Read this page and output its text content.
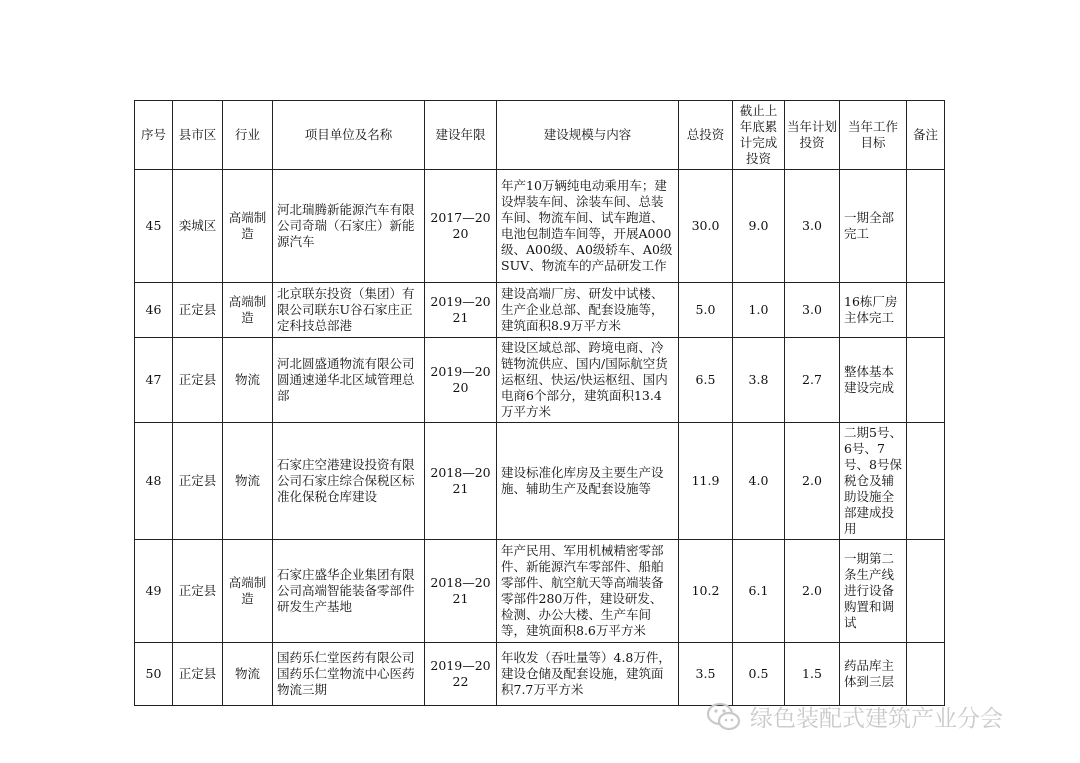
序号	县市区	行业	项目单位及名称	建设年限	建设规模与内容	总投资	截止上年底累计完成投资	当年计划投资	当年工作目标	备注
45	栾城区	高端制造	河北瑞腾新能源汽车有限公司奇瑞（石家庄）新能源汽车	2017—2020	年产10万辆纯电动乘用车；建设焊装车间、涂装车间、总装车间、物流车间、试车跑道、电池包制造车间等，开展A000级、A00级、A0级轿车、A0级SUV、物流车的产品研发工作	30.0	9.0	3.0	一期全部完工	
46	正定县	高端制造	北京联东投资（集团）有限公司联东U谷石家庄正定科技总部港	2019—2021	建设高端厂房、研发中试楼、生产企业总部、配套设施等，建筑面积8.9万平方米	5.0	1.0	3.0	16栋厂房主体完工	
47	正定县	物流	河北圆盛通物流有限公司圆通速递华北区域管理总部	2019—2020	建设区域总部、跨境电商、冷链物流供应、国内/国际航空货运枢纽、快运/快运枢纽、国内电商6个部分，建筑面积13.4万平方米	6.5	3.8	2.7	整体基本建设完成	
48	正定县	物流	石家庄空港建设投资有限公司石家庄综合保税区标准化保税仓库建设	2018—2021	建设标准化库房及主要生产设施、辅助生产及配套设施等	11.9	4.0	2.0	二期5号、6号、7号、8号保税仓及辅助设施全部建成投用	
49	正定县	高端制造	石家庄盛华企业集团有限公司高端智能装备零部件研发生产基地	2018—2021	年产民用、军用机械精密零部件、新能源汽车零部件、船舶零部件、航空航天等高端装备零部件280万件，建设研发、检测、办公大楼、生产车间等，建筑面积8.6万平方米	10.2	6.1	2.0	一期第二条生产线进行设备购置和调试	
50	正定县	物流	国药乐仁堂医药有限公司国药乐仁堂物流中心医药物流三期	2019—2022	年收发（吞吐量等）4.8万件，建设仓储及配套设施，建筑面积7.7万平方米	3.5	0.5	1.5	药品库主体到三层	
绿色装配式建筑产业分会
